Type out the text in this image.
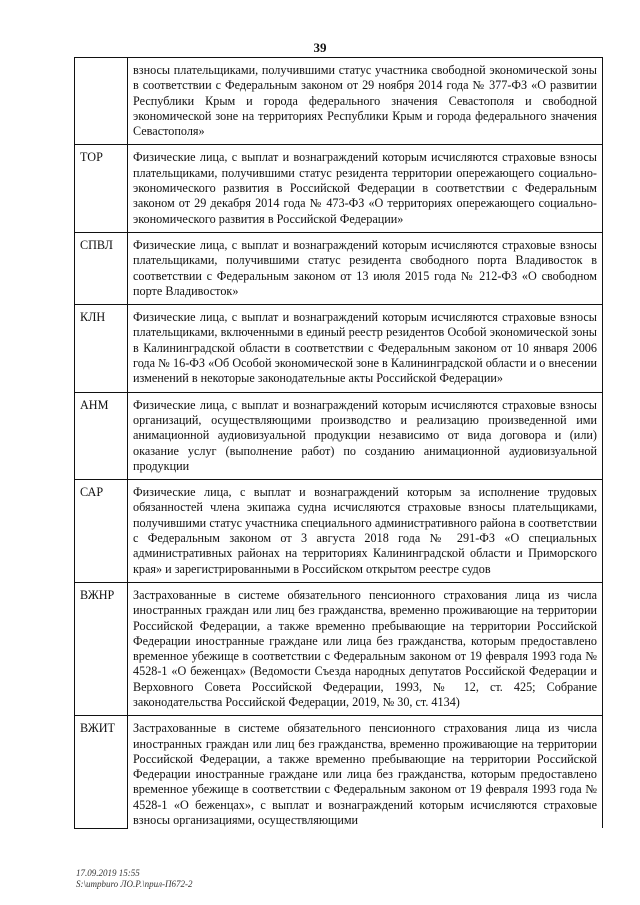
39
	взносы плательщиками, получившими статус участника свободной экономической зоны в соответствии с Федеральным законом от 29 ноября 2014 года № 377-ФЗ «О развитии Республики Крым и города федерального значения Севастополя и свободной экономической зоне на территориях Республики Крым и города федерального значения Севастополя»
ТОР	Физические лица, с выплат и вознаграждений которым исчисляются страховые взносы плательщиками, получившими статус резидента территории опережающего социально-экономического развития в Российской Федерации в соответствии с Федеральным законом от 29 декабря 2014 года № 473-ФЗ «О территориях опережающего социально-экономического развития в Российской Федерации»
СПВЛ	Физические лица, с выплат и вознаграждений которым исчисляются страховые взносы плательщиками, получившими статус резидента свободного порта Владивосток в соответствии с Федеральным законом от 13 июля 2015 года № 212-ФЗ «О свободном порте Владивосток»
КЛН	Физические лица, с выплат и вознаграждений которым исчисляются страховые взносы плательщиками, включенными в единый реестр резидентов Особой экономической зоны в Калининградской области в соответствии с Федеральным законом от 10 января 2006 года № 16-ФЗ «Об Особой экономической зоне в Калининградской области и о внесении изменений в некоторые законодательные акты Российской Федерации»
АНМ	Физические лица, с выплат и вознаграждений которым исчисляются страховые взносы организаций, осуществляющими производство и реализацию произведенной ими анимационной аудиовизуальной продукции независимо от вида договора и (или) оказание услуг (выполнение работ) по созданию анимационной аудиовизуальной продукции
САР	Физические лица, с выплат и вознаграждений которым за исполнение трудовых обязанностей члена экипажа судна исчисляются страховые взносы плательщиками, получившими статус участника специального административного района в соответствии с Федеральным законом от 3 августа 2018 года № 291-ФЗ «О специальных административных районах на территориях Калининградской области и Приморского края» и зарегистрированными в Российском открытом реестре судов
ВЖНР	Застрахованные в системе обязательного пенсионного страхования лица из числа иностранных граждан или лиц без гражданства, временно проживающие на территории Российской Федерации, а также временно пребывающие на территории Российской Федерации иностранные граждане или лица без гражданства, которым предоставлено временное убежище в соответствии с Федеральным законом от 19 февраля 1993 года № 4528-1 «О беженцах» (Ведомости Съезда народных депутатов Российской Федерации и Верховного Совета Российской Федерации, 1993, № 12, ст. 425; Собрание законодательства Российской Федерации, 2019, № 30, ст. 4134)
ВЖИТ	Застрахованные в системе обязательного пенсионного страхования лица из числа иностранных граждан или лиц без гражданства, временно проживающие на территории Российской Федерации, а также временно пребывающие на территории Российской Федерации иностранные граждане или лица без гражданства, которым предоставлено временное убежище в соответствии с Федеральным законом от 19 февраля 1993 года № 4528-1 «О беженцах», с выплат и вознаграждений которым исчисляются страховые взносы организациями, осуществляющими
17.09.2019 15:55
S:\umpburo ЛО.Р.\прил-П672-2
